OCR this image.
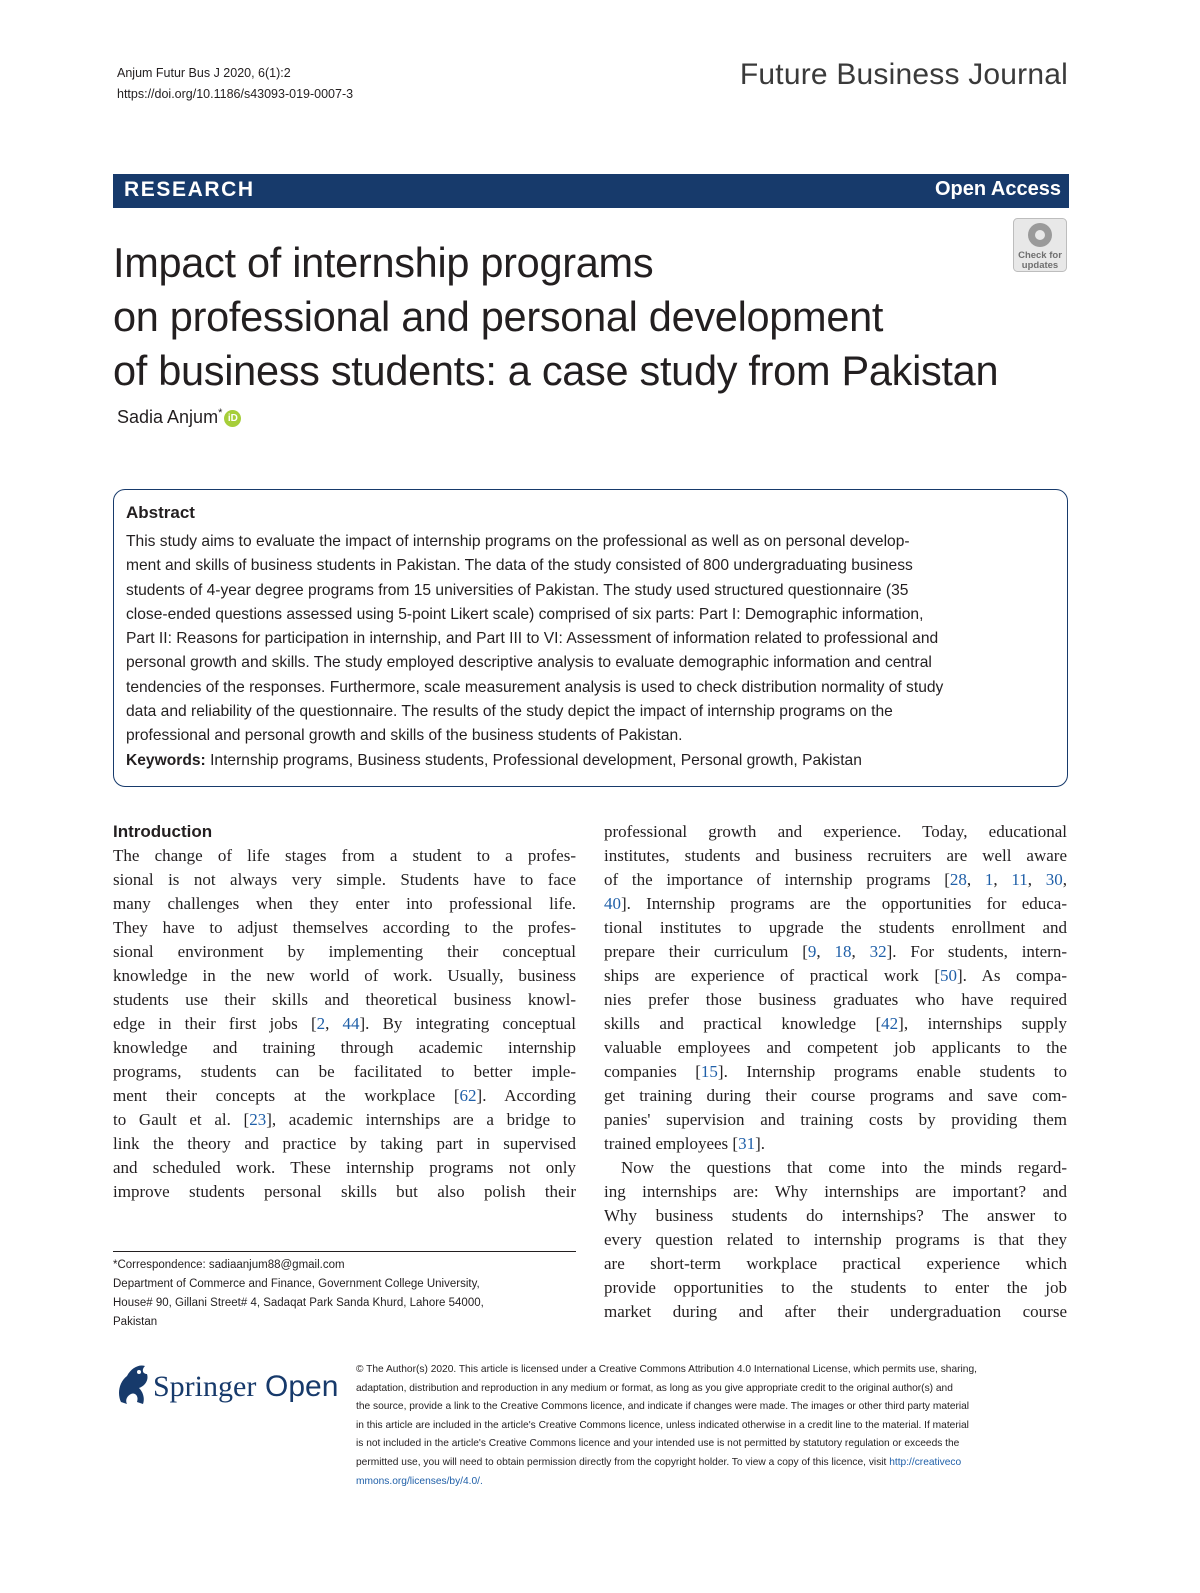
Anjum Futur Bus J 2020, 6(1):2
https://doi.org/10.1186/s43093-019-0007-3
Future Business Journal
RESEARCH	Open Access
Check for
updates
Impact of internship programs
on professional and personal development
of business students: a case study from Pakistan
Sadia Anjum* iD
Abstract
This study aims to evaluate the impact of internship programs on the professional as well as on personal develop-
ment and skills of business students in Pakistan. The data of the study consisted of 800 undergraduating business
students of 4-year degree programs from 15 universities of Pakistan. The study used structured questionnaire (35
close-ended questions assessed using 5-point Likert scale) comprised of six parts: Part I: Demographic information,
Part II: Reasons for participation in internship, and Part III to VI: Assessment of information related to professional and
personal growth and skills. The study employed descriptive analysis to evaluate demographic information and central
tendencies of the responses. Furthermore, scale measurement analysis is used to check distribution normality of study
data and reliability of the questionnaire. The results of the study depict the impact of internship programs on the
professional and personal growth and skills of the business students of Pakistan.
Keywords: Internship programs, Business students, Professional development, Personal growth, Pakistan
Introduction
The change of life stages from a student to a profes-
sional is not always very simple. Students have to face
many challenges when they enter into professional life.
They have to adjust themselves according to the profes-
sional environment by implementing their conceptual
knowledge in the new world of work. Usually, business
students use their skills and theoretical business knowl-
edge in their first jobs [2, 44]. By integrating conceptual
knowledge and training through academic internship
programs, students can be facilitated to better imple-
ment their concepts at the workplace [62]. According
to Gault et al. [23], academic internships are a bridge to
link the theory and practice by taking part in supervised
and scheduled work. These internship programs not only
improve students personal skills but also polish their
professional growth and experience. Today, educational
institutes, students and business recruiters are well aware
of the importance of internship programs [28, 1, 11, 30,
40]. Internship programs are the opportunities for educa-
tional institutes to upgrade the students enrollment and
prepare their curriculum [9, 18, 32]. For students, intern-
ships are experience of practical work [50]. As compa-
nies prefer those business graduates who have required
skills and practical knowledge [42], internships supply
valuable employees and competent job applicants to the
companies [15]. Internship programs enable students to
get training during their course programs and save com-
panies' supervision and training costs by providing them
trained employees [31].
Now the questions that come into the minds regard-
ing internships are: Why internships are important? and
Why business students do internships? The answer to
every question related to internship programs is that they
are short-term workplace practical experience which
provide opportunities to the students to enter the job
market during and after their undergraduation course
*Correspondence: sadiaanjum88@gmail.com
Department of Commerce and Finance, Government College University,
House# 90, Gillani Street# 4, Sadaqat Park Sanda Khurd, Lahore 54000,
Pakistan
Springer Open
© The Author(s) 2020. This article is licensed under a Creative Commons Attribution 4.0 International License, which permits use, sharing,
adaptation, distribution and reproduction in any medium or format, as long as you give appropriate credit to the original author(s) and
the source, provide a link to the Creative Commons licence, and indicate if changes were made. The images or other third party material
in this article are included in the article's Creative Commons licence, unless indicated otherwise in a credit line to the material. If material
is not included in the article's Creative Commons licence and your intended use is not permitted by statutory regulation or exceeds the
permitted use, you will need to obtain permission directly from the copyright holder. To view a copy of this licence, visit http://creativeco
mmons.org/licenses/by/4.0/.
